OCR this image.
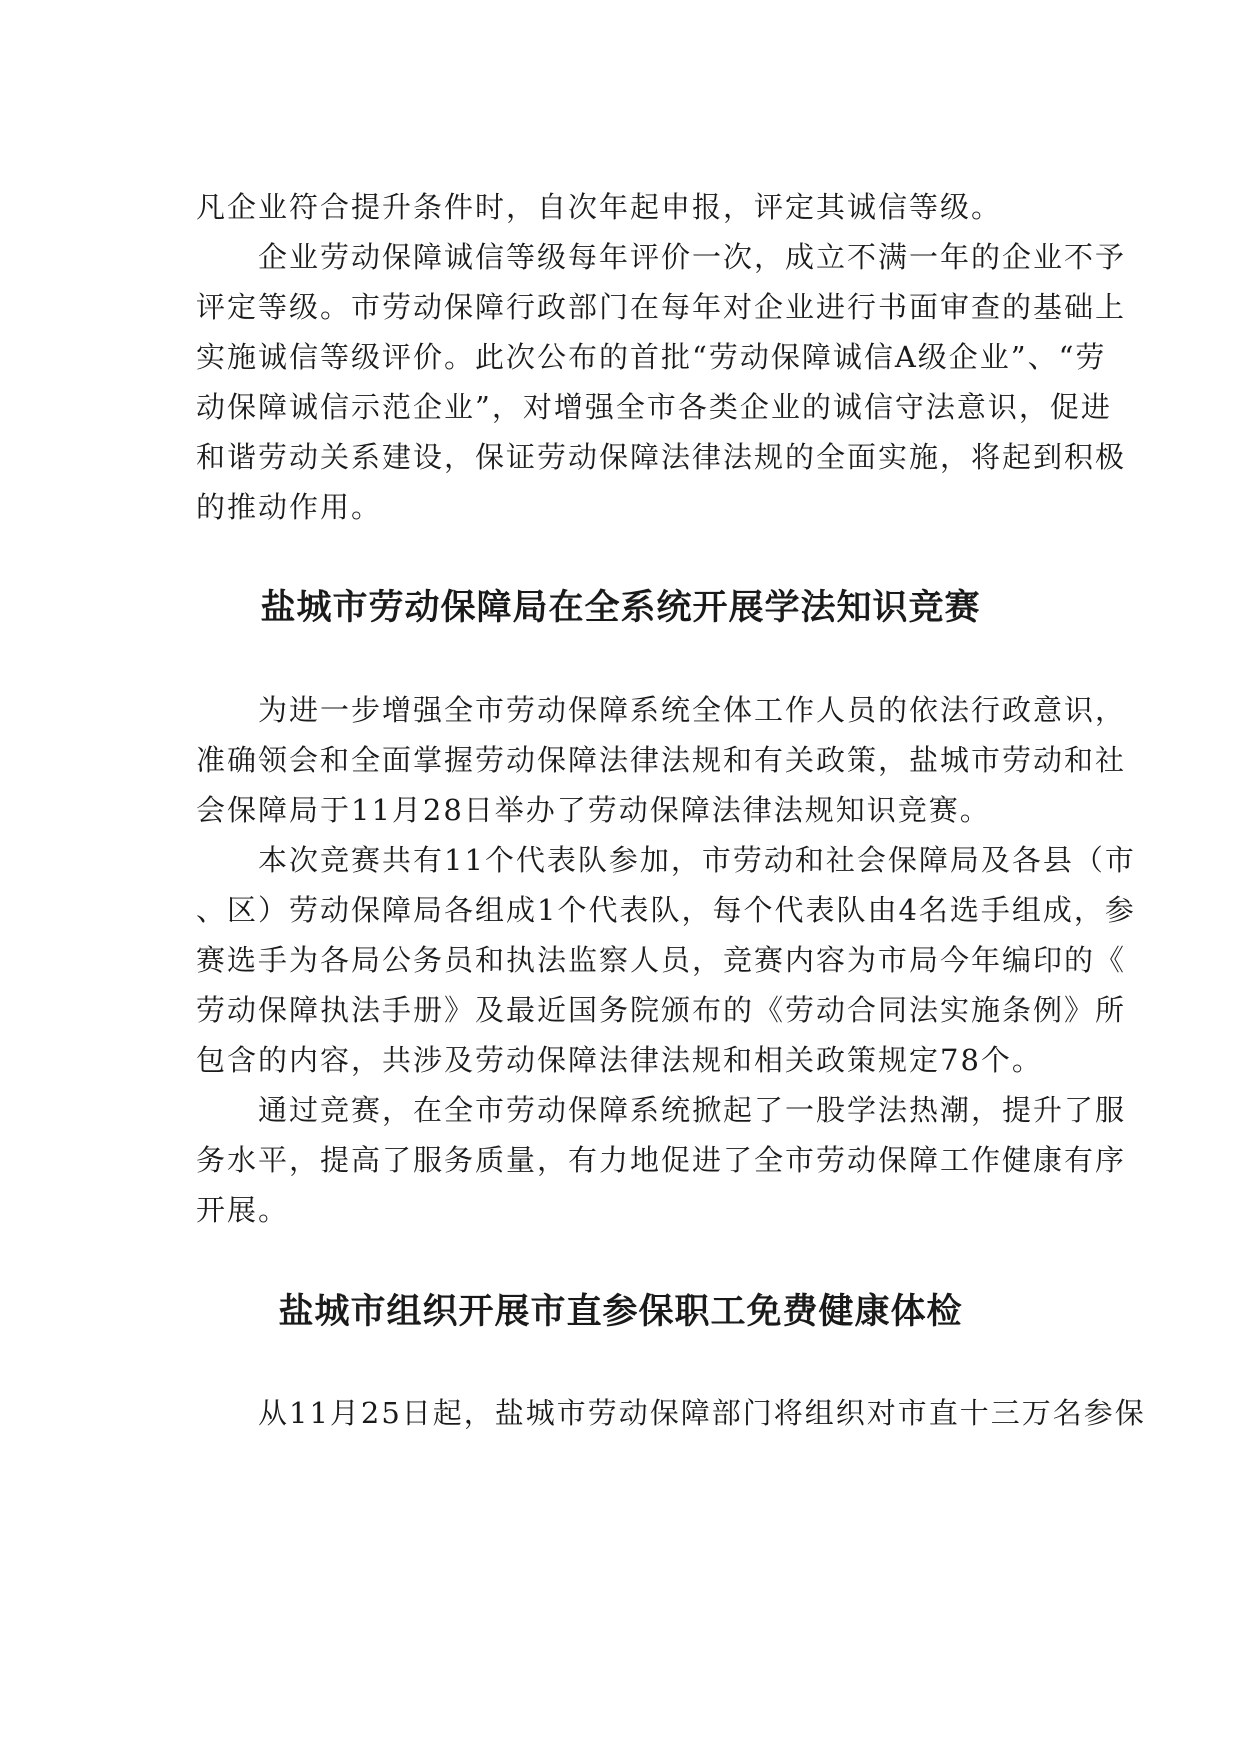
凡企业符合提升条件时，自次年起申报，评定其诚信等级。
　　企业劳动保障诚信等级每年评价一次，成立不满一年的企业不予
评定等级。市劳动保障行政部门在每年对企业进行书面审查的基础上
实施诚信等级评价。此次公布的首批“劳动保障诚信A级企业”、“劳
动保障诚信示范企业”，对增强全市各类企业的诚信守法意识，促进
和谐劳动关系建设，保证劳动保障法律法规的全面实施，将起到积极
的推动作用。
盐城市劳动保障局在全系统开展学法知识竞赛
　　为进一步增强全市劳动保障系统全体工作人员的依法行政意识，
准确领会和全面掌握劳动保障法律法规和有关政策，盐城市劳动和社
会保障局于11月28日举办了劳动保障法律法规知识竞赛。
　　本次竞赛共有11个代表队参加，市劳动和社会保障局及各县（市
、区）劳动保障局各组成1个代表队，每个代表队由4名选手组成，参
赛选手为各局公务员和执法监察人员，竞赛内容为市局今年编印的《
劳动保障执法手册》及最近国务院颁布的《劳动合同法实施条例》所
包含的内容，共涉及劳动保障法律法规和相关政策规定78个。
　　通过竞赛，在全市劳动保障系统掀起了一股学法热潮，提升了服
务水平，提高了服务质量，有力地促进了全市劳动保障工作健康有序
开展。
盐城市组织开展市直参保职工免费健康体检
　　从11月25日起，盐城市劳动保障部门将组织对市直十三万名参保
